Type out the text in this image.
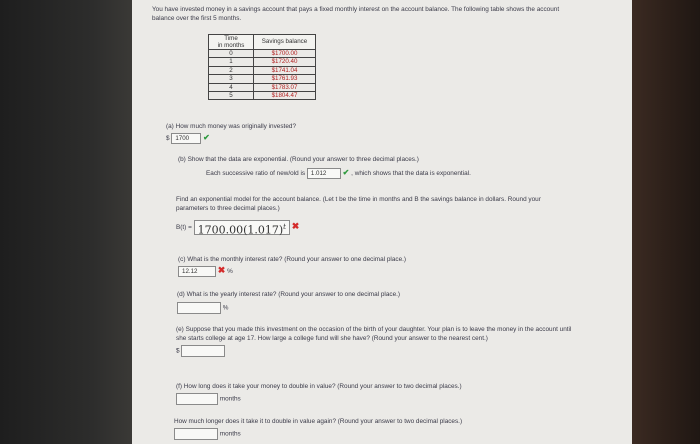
You have invested money in a savings account that pays a fixed monthly interest on the account balance. The following table shows the account balance over the first 5 months.
Time
in months	Savings balance
0	$1700.00
1	$1720.40
2	$1741.04
3	$1761.93
4	$1783.07
5	$1804.47
(a) How much money was originally invested?
$ 1700 ✔
(b) Show that the data are exponential. (Round your answer to three decimal places.)
Each successive ratio of new/old is 1.012 ✔ , which shows that the data is exponential.
Find an exponential model for the account balance. (Let t be the time in months and B the savings balance in dollars. Round your parameters to three decimal places.)
$B(t) = 1700.00(1.017)^t$ ✖
(c) What is the monthly interest rate? (Round your answer to one decimal place.)
12.12 ✖ %
(d) What is the yearly interest rate? (Round your answer to one decimal place.)
%
(e) Suppose that you made this investment on the occasion of the birth of your daughter. Your plan is to leave the money in the account until she starts college at age 17. How large a college fund will she have? (Round your answer to the nearest cent.)
$
(f) How long does it take your money to double in value? (Round your answer to two decimal places.)
months
How much longer does it take it to double in value again? (Round your answer to two decimal places.)
months
